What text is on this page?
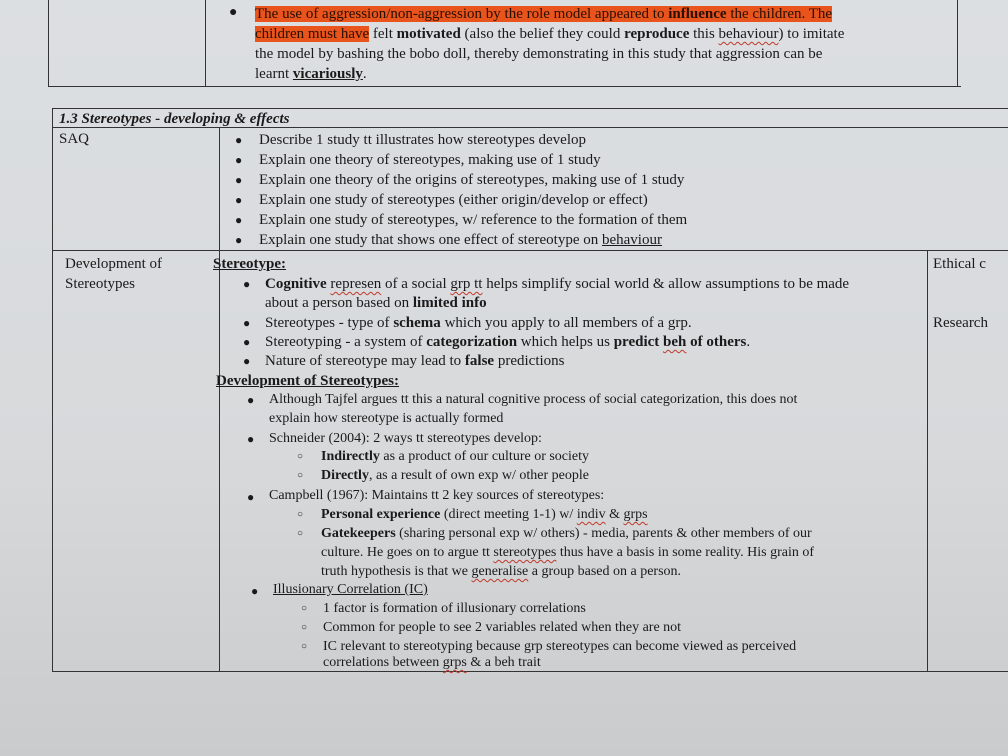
● The use of aggression/non-aggression by the role model appeared to influence the children. The
children must have felt motivated (also the belief they could reproduce this behaviour) to imitate
the model by bashing the bobo doll, thereby demonstrating in this study that aggression can be
learnt vicariously.
1.3 Stereotypes - developing & effects
SAQ	● Describe 1 study tt illustrates how stereotypes develop
● Explain one theory of stereotypes, making use of 1 study
● Explain one theory of the origins of stereotypes, making use of 1 study
● Explain one study of stereotypes (either origin/develop or effect)
● Explain one study of stereotypes, w/ reference to the formation of them
● Explain one study that shows one effect of stereotype on behaviour
Development of
Stereotypes
Ethical c
Research
Stereotype:
● Cognitive represen of a social grp tt helps simplify social world & allow assumptions to be made
about a person based on limited info
● Stereotypes - type of schema which you apply to all members of a grp.
● Stereotyping - a system of categorization which helps us predict beh of others.
● Nature of stereotype may lead to false predictions
Development of Stereotypes:
● Although Tajfel argues tt this a natural cognitive process of social categorization, this does not
explain how stereotype is actually formed
● Schneider (2004): 2 ways tt stereotypes develop:
○ Indirectly as a product of our culture or society
○ Directly, as a result of own exp w/ other people
● Campbell (1967): Maintains tt 2 key sources of stereotypes:
○ Personal experience (direct meeting 1-1) w/ indiv & grps
○ Gatekeepers (sharing personal exp w/ others) - media, parents & other members of our
culture. He goes on to argue tt stereotypes thus have a basis in some reality. His grain of
truth hypothesis is that we generalise a group based on a person.
● Illusionary Correlation (IC)
○ 1 factor is formation of illusionary correlations
○ Common for people to see 2 variables related when they are not
○ IC relevant to stereotyping because grp stereotypes can become viewed as perceived
correlations between grps & a beh trait
